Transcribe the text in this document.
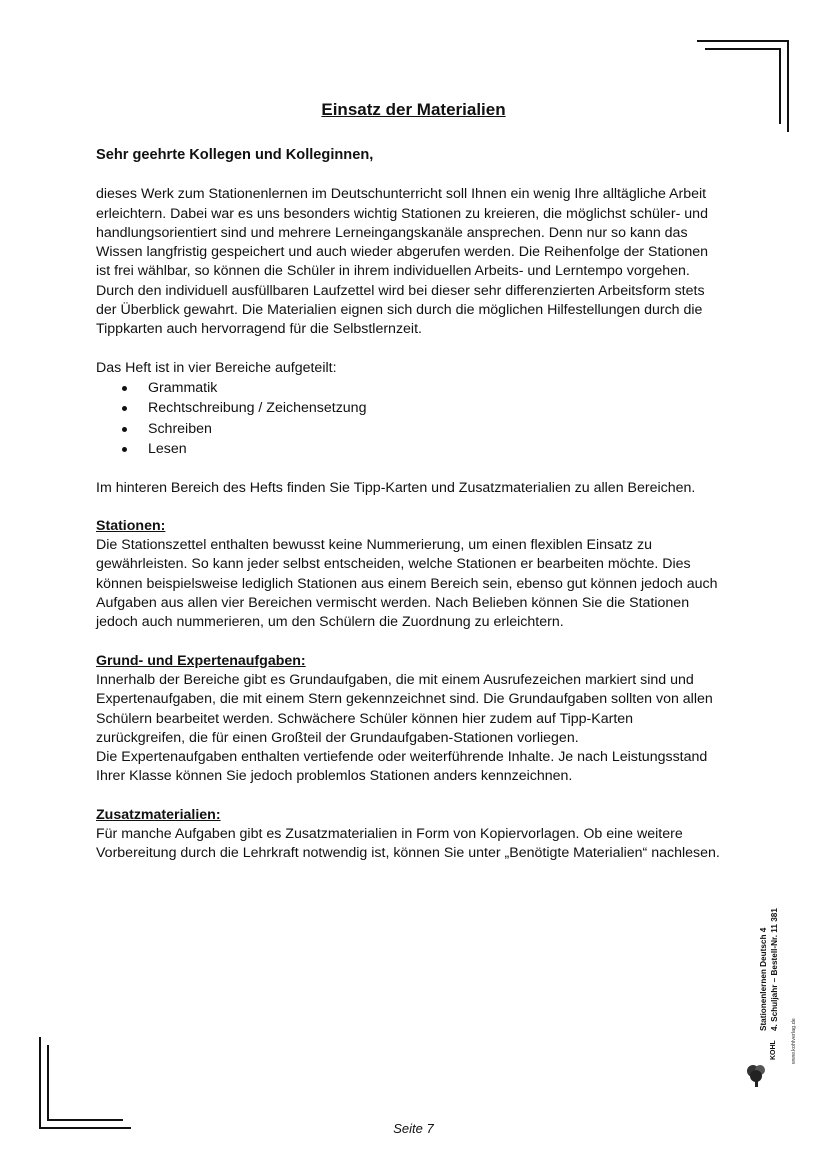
Einsatz der Materialien

Sehr geehrte Kollegen und Kolleginnen,

dieses Werk zum Stationenlernen im Deutschunterricht soll Ihnen ein wenig Ihre alltägliche Arbeit erleichtern. Dabei war es uns besonders wichtig Stationen zu kreieren, die möglichst schüler- und handlungsorientiert sind und mehrere Lerneingangskanäle ansprechen. Denn nur so kann das Wissen langfristig gespeichert und auch wieder abgerufen werden. Die Reihenfolge der Stationen ist frei wählbar, so können die Schüler in ihrem individuellen Arbeits- und Lerntempo vorgehen. Durch den individuell ausfüllbaren Laufzettel wird bei dieser sehr differenzierten Arbeitsform stets der Überblick gewahrt. Die Materialien eignen sich durch die möglichen Hilfestellungen durch die Tippkarten auch hervorragend für die Selbstlernzeit.

Das Heft ist in vier Bereiche aufgeteilt:

Grammatik
Rechtschreibung / Zeichensetzung
Schreiben
Lesen

Im hinteren Bereich des Hefts finden Sie Tipp-Karten und Zusatzmaterialien zu allen Bereichen.

Stationen:

Die Stationszettel enthalten bewusst keine Nummerierung, um einen flexiblen Einsatz zu gewährleisten. So kann jeder selbst entscheiden, welche Stationen er bearbeiten möchte. Dies können beispielsweise lediglich Stationen aus einem Bereich sein, ebenso gut können jedoch auch Aufgaben aus allen vier Bereichen vermischt werden. Nach Belieben können Sie die Stationen jedoch auch nummerieren, um den Schülern die Zuordnung zu erleichtern.

Grund- und Expertenaufgaben:

Innerhalb der Bereiche gibt es Grundaufgaben, die mit einem Ausrufezeichen markiert sind und Expertenaufgaben, die mit einem Stern gekennzeichnet sind. Die Grundaufgaben sollten von allen Schülern bearbeitet werden. Schwächere Schüler können hier zudem auf Tipp-Karten zurückgreifen, die für einen Großteil der Grundaufgaben-Stationen vorliegen.

Die Expertenaufgaben enthalten vertiefende oder weiterführende Inhalte. Je nach Leistungsstand Ihrer Klasse können Sie jedoch problemlos Stationen anders kennzeichnen.

Zusatzmaterialien:

Für manche Aufgaben gibt es Zusatzmaterialien in Form von Kopiervorlagen. Ob eine weitere Vorbereitung durch die Lehrkraft notwendig ist, können Sie unter „Benötigte Materialien“ nachlesen.

Stationenlernen Deutsch 4 4. Schuljahr – Bestell-Nr. 11 381
www.kohlverlag.de
KOHL
Seite 7
